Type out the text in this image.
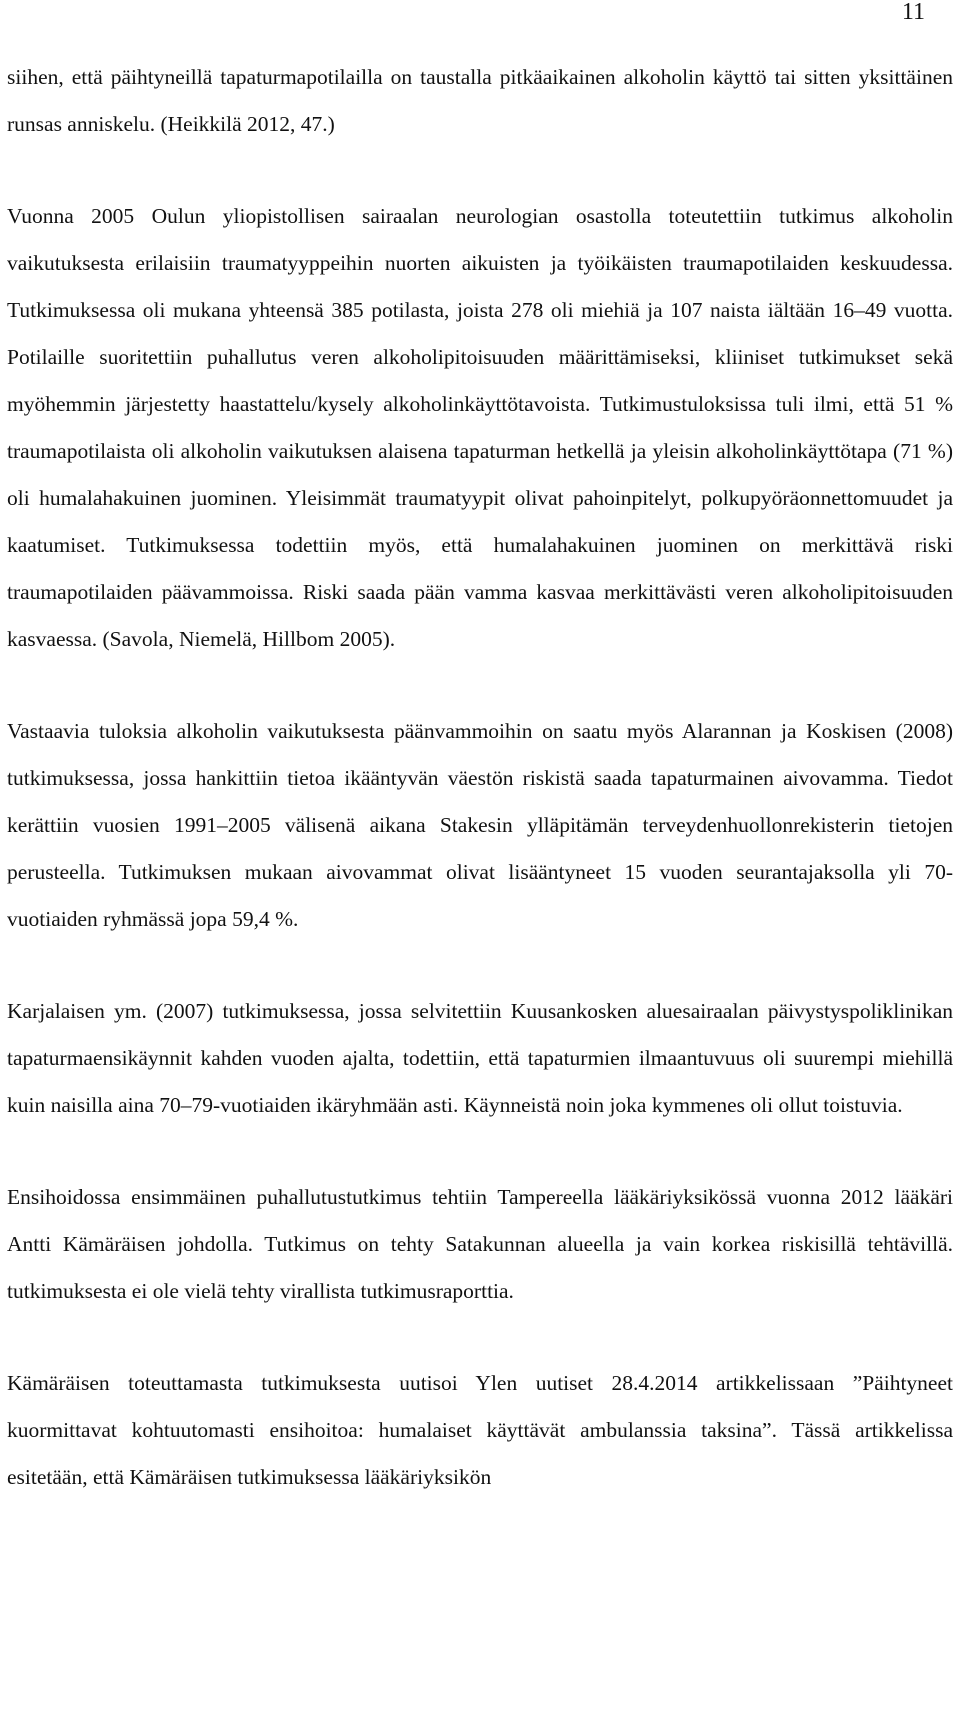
11

siihen, että päihtyneillä tapaturmapotilailla on taustalla pitkäaikainen alkoholin käyttö tai sitten yksittäinen runsas anniskelu. (Heikkilä 2012, 47.)

Vuonna 2005 Oulun yliopistollisen sairaalan neurologian osastolla toteutettiin tutkimus alkoholin vaikutuksesta erilaisiin traumatyyppeihin nuorten aikuisten ja työikäisten traumapotilaiden keskuudessa. Tutkimuksessa oli mukana yhteensä 385 potilasta, joista 278 oli miehiä ja 107 naista iältään 16–49 vuotta. Potilaille suoritettiin puhallutus veren alkoholipitoisuuden määrittämiseksi, kliiniset tutkimukset sekä myöhemmin järjestetty haastattelu/kysely alkoholinkäyttötavoista. Tutkimustuloksissa tuli ilmi, että 51 % traumapotilaista oli alkoholin vaikutuksen alaisena tapaturman hetkellä ja yleisin alkoholinkäyttötapa (71 %) oli humalahakuinen juominen. Yleisimmät traumatyypit olivat pahoinpitelyt, polkupyöräonnettomuudet ja kaatumiset. Tutkimuksessa todettiin myös, että humalahakuinen juominen on merkittävä riski traumapotilaiden päävammoissa. Riski saada pään vamma kasvaa merkittävästi veren alkoholipitoisuuden kasvaessa. (Savola, Niemelä, Hillbom 2005).

Vastaavia tuloksia alkoholin vaikutuksesta päänvammoihin on saatu myös Alarannan ja Koskisen (2008) tutkimuksessa, jossa hankittiin tietoa ikääntyvän väestön riskistä saada tapaturmainen aivovamma. Tiedot kerättiin vuosien 1991–2005 välisenä aikana Stakesin ylläpitämän terveydenhuollonrekisterin tietojen perusteella. Tutkimuksen mukaan aivovammat olivat lisääntyneet 15 vuoden seurantajaksolla yli 70-vuotiaiden ryhmässä jopa 59,4 %.

Karjalaisen ym. (2007) tutkimuksessa, jossa selvitettiin Kuusankosken aluesairaalan päivystyspoliklinikan tapaturmaensikäynnit kahden vuoden ajalta, todettiin, että tapaturmien ilmaantuvuus oli suurempi miehillä kuin naisilla aina 70–79-vuotiaiden ikäryhmään asti. Käynneistä noin joka kymmenes oli ollut toistuvia.

Ensihoidossa ensimmäinen puhallutustutkimus tehtiin Tampereella lääkäriyksikössä vuonna 2012 lääkäri Antti Kämäräisen johdolla. Tutkimus on tehty Satakunnan alueella ja vain korkea riskisillä tehtävillä. tutkimuksesta ei ole vielä tehty virallista tutkimusraporttia.

Kämäräisen toteuttamasta tutkimuksesta uutisoi Ylen uutiset 28.4.2014 artikkelissaan ”Päihtyneet kuormittavat kohtuutomasti ensihoitoa: humalaiset käyttävät ambulanssia taksina”. Tässä artikkelissa esitetään, että Kämäräisen tutkimuksessa lääkäriyksikön
